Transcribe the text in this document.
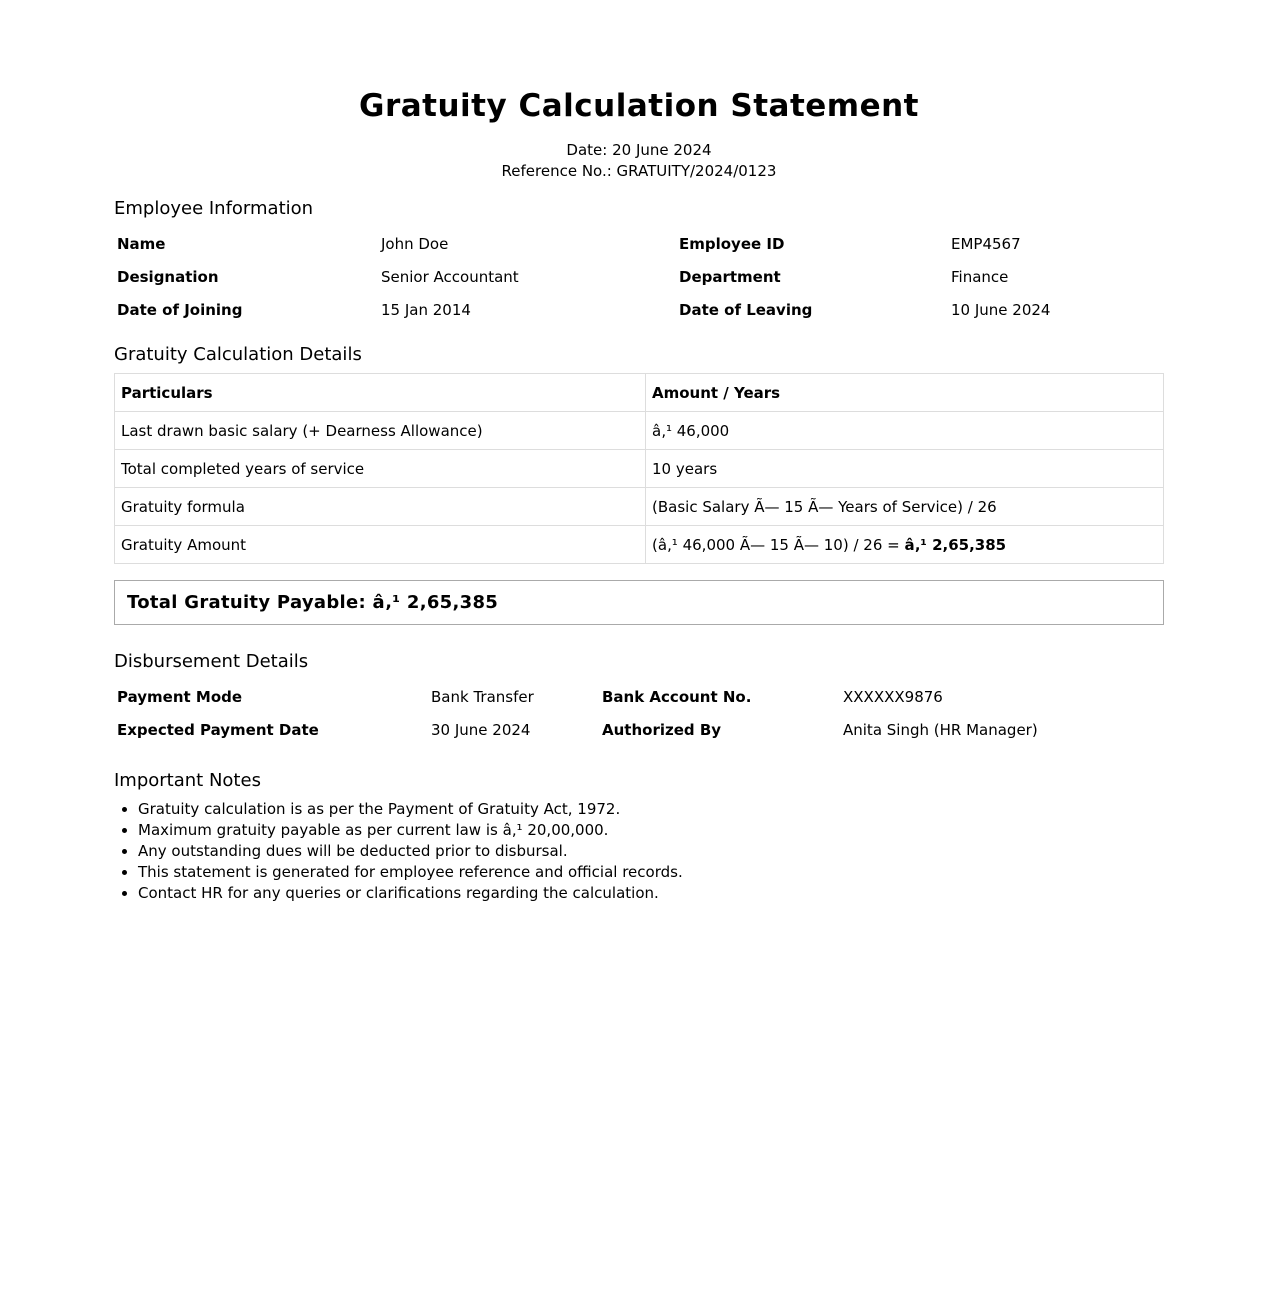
Gratuity Calculation Statement
Date: 20 June 2024
Reference No.: GRATUITY/2024/0123
Employee Information
Name	John Doe	Employee ID	EMP4567
Designation	Senior Accountant	Department	Finance
Date of Joining	15 Jan 2014	Date of Leaving	10 June 2024
Gratuity Calculation Details
Particulars	Amount / Years
Last drawn basic salary (+ Dearness Allowance)	â‚¹ 46,000
Total completed years of service	10 years
Gratuity formula	(Basic Salary Ã— 15 Ã— Years of Service) / 26
Gratuity Amount	(â‚¹ 46,000 Ã— 15 Ã— 10) / 26 = â‚¹ 2,65,385
Total Gratuity Payable: â‚¹ 2,65,385
Disbursement Details
Payment Mode	Bank Transfer	Bank Account No.	XXXXXX9876
Expected Payment Date	30 June 2024	Authorized By	Anita Singh (HR Manager)
Important Notes
• Gratuity calculation is as per the Payment of Gratuity Act, 1972.
• Maximum gratuity payable as per current law is â‚¹ 20,00,000.
• Any outstanding dues will be deducted prior to disbursal.
• This statement is generated for employee reference and official records.
• Contact HR for any queries or clarifications regarding the calculation.
